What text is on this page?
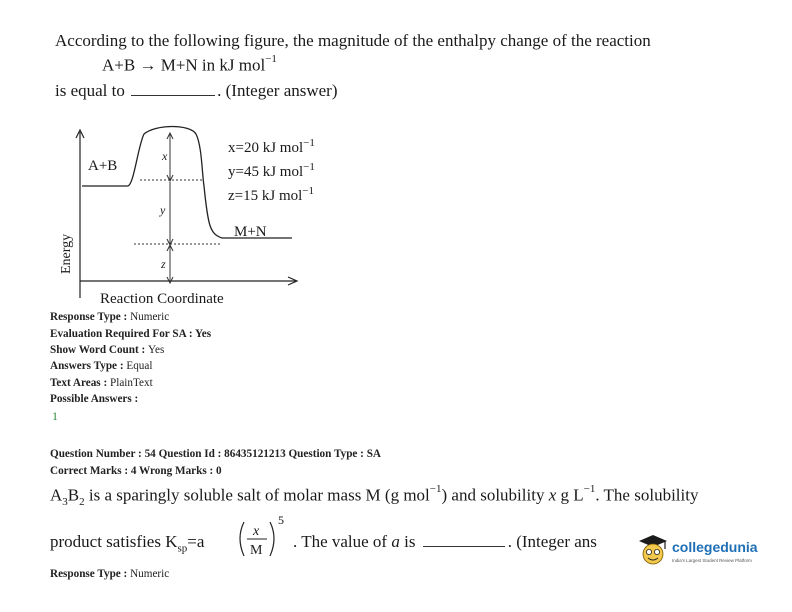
According to the following figure, the magnitude of the enthalpy change of the reaction
A+B → M+N in kJ mol$^{-1}$
is equal to	. (Integer answer)
A+B
M+N
x
y
z
x=20 kJ mol$^{-1}$
y=45 kJ mol$^{-1}$
z=15 kJ mol$^{-1}$
Energy
Reaction Coordinate
Response Type : Numeric
Evaluation Required For SA : Yes
Show Word Count : Yes
Answers Type : Equal
Text Areas : PlainText
Possible Answers :
1
Question Number : 54 Question Id : 86435121213 Question Type : SA
Correct Marks : 4 Wrong Marks : 0
$A_3B_2$ is a sparingly soluble salt of molar mass M (g mol$^{-1}$) and solubility x g $L^{-1}$. The solubility
product satisfies $K_{sp}=a$
x
M
5
. The value of a is	. (Integer ans
Response Type : Numeric
collegedunia
India's Largest Student Review Platform
